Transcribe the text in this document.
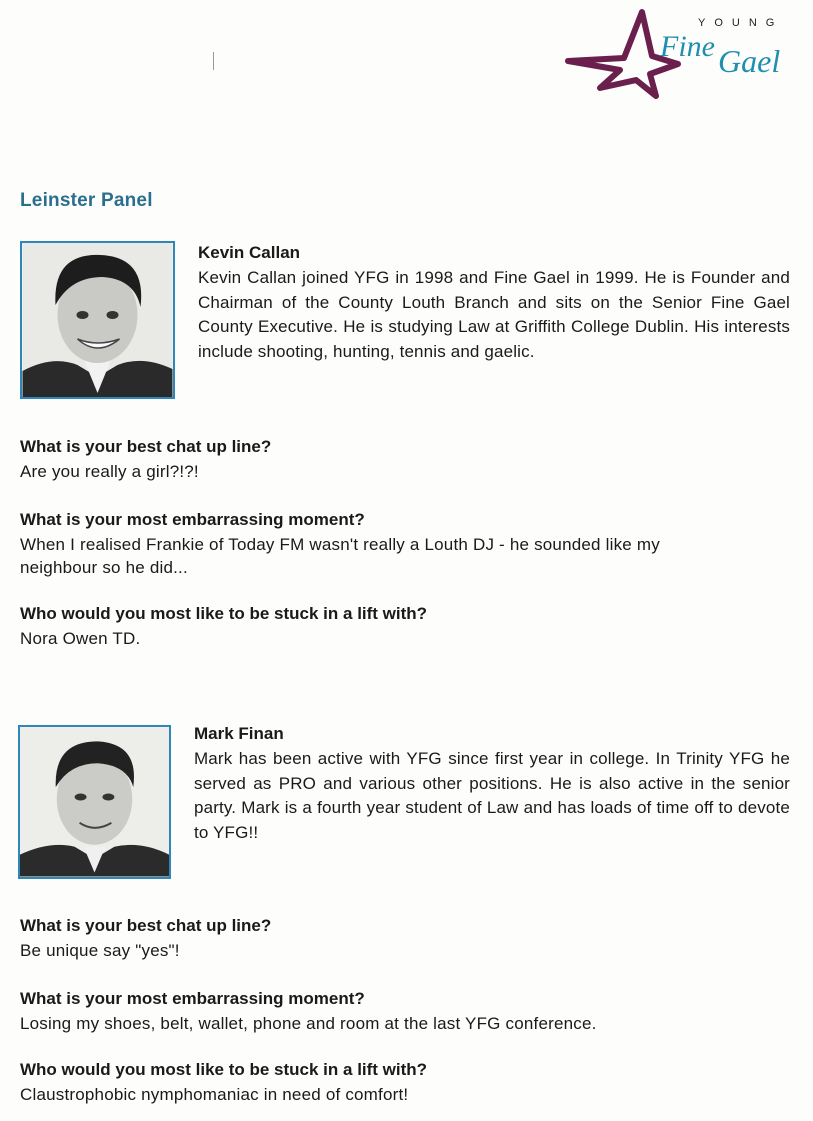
YOUNG
Fine Gael
Leinster Panel
Kevin Callan

Kevin Callan joined YFG in 1998 and Fine Gael in 1999. He is Founder and Chairman of the County Louth Branch and sits on the Senior Fine Gael County Executive. He is studying Law at Griffith College Dublin. His interests include shooting, hunting, tennis and gaelic.

What is your best chat up line?

Are you really a girl?!?!

What is your most embarrassing moment?

When I realised Frankie of Today FM wasn't really a Louth DJ - he sounded like my neighbour so he did...

Who would you most like to be stuck in a lift with?

Nora Owen TD.

Mark Finan

Mark has been active with YFG since first year in college. In Trinity YFG he served as PRO and various other positions. He is also active in the senior party. Mark is a fourth year student of Law and has loads of time off to devote to YFG!!

What is your best chat up line?

Be unique say "yes"!

What is your most embarrassing moment?

Losing my shoes, belt, wallet, phone and room at the last YFG conference.

Who would you most like to be stuck in a lift with?

Claustrophobic nymphomaniac in need of comfort!
